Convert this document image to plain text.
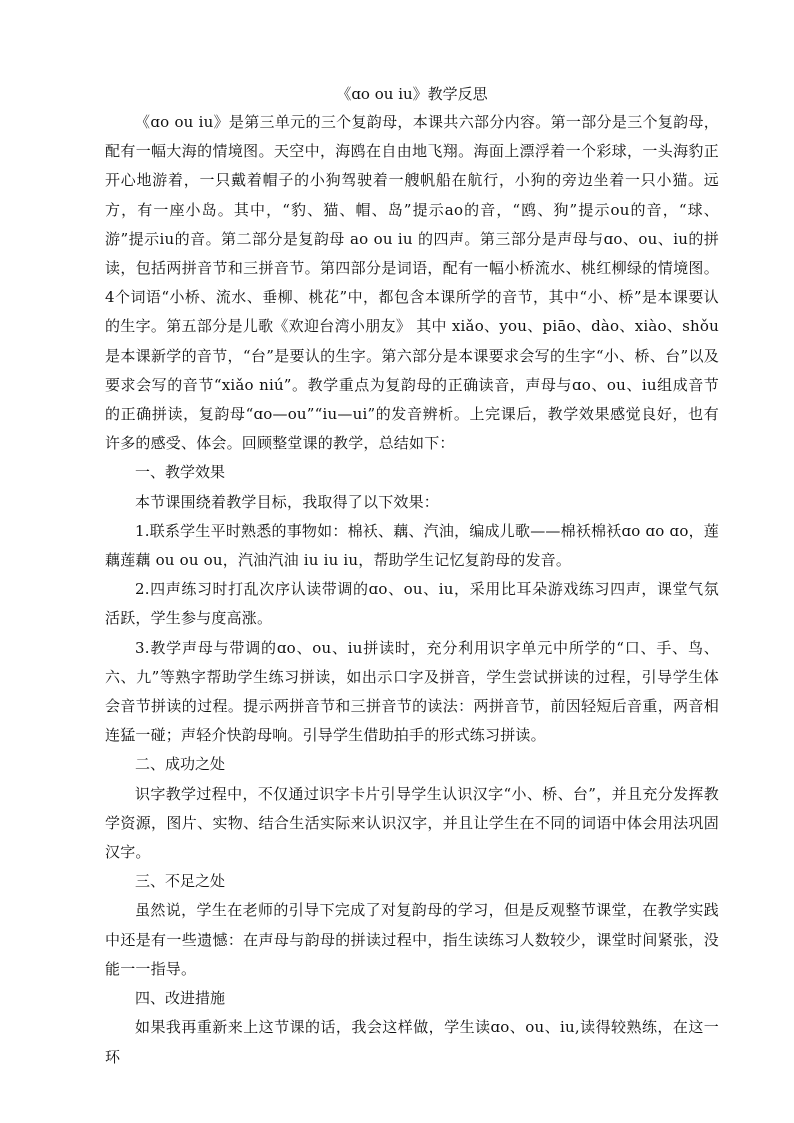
《ɑo ou iu》教学反思

《ɑo ou iu》是第三单元的三个复韵母，本课共六部分内容。第一部分是三个复韵母，配有一幅大海的情境图。天空中，海鸥在自由地飞翔。海面上漂浮着一个彩球，一头海豹正开心地游着，一只戴着帽子的小狗驾驶着一艘帆船在航行，小狗的旁边坐着一只小猫。远方，有一座小岛。其中，“豹、猫、帽、岛”提示ao的音，“鸥、狗”提示ou的音，“球、游”提示iu的音。第二部分是复韵母 ao ou iu 的四声。第三部分是声母与ɑo、ou、iu的拼读，包括两拼音节和三拼音节。第四部分是词语，配有一幅小桥流水、桃红柳绿的情境图。4个词语“小桥、流水、垂柳、桃花”中，都包含本课所学的音节，其中“小、桥”是本课要认的生字。第五部分是儿歌《欢迎台湾小朋友》 其中 xiǎo、you、piāo、dào、xiào、shǒu是本课新学的音节，“台”是要认的生字。第六部分是本课要求会写的生字“小、桥、台”以及要求会写的音节“xiǎo niú”。教学重点为复韵母的正确读音，声母与ɑo、ou、iu组成音节的正确拼读，复韵母“ɑo—ou”“iu—ui”的发音辨析。上完课后，教学效果感觉良好，也有许多的感受、体会。回顾整堂课的教学，总结如下：

一、教学效果

本节课围绕着教学目标，我取得了以下效果：

1.联系学生平时熟悉的事物如：棉袄、藕、汽油，编成儿歌——棉袄棉袄ɑo ɑo ɑo，莲藕莲藕 ou ou ou，汽油汽油 iu iu iu，帮助学生记忆复韵母的发音。

2.四声练习时打乱次序认读带调的ɑo、ou、iu，采用比耳朵游戏练习四声，课堂气氛活跃，学生参与度高涨。

3.教学声母与带调的ɑo、ou、iu拼读时，充分利用识字单元中所学的“口、手、鸟、六、九”等熟字帮助学生练习拼读，如出示口字及拼音，学生尝试拼读的过程，引导学生体会音节拼读的过程。提示两拼音节和三拼音节的读法：两拼音节，前因轻短后音重，两音相连猛一碰；声轻介快韵母响。引导学生借助拍手的形式练习拼读。

二、成功之处

识字教学过程中，不仅通过识字卡片引导学生认识汉字“小、桥、台”，并且充分发挥教学资源，图片、实物、结合生活实际来认识汉字，并且让学生在不同的词语中体会用法巩固汉字。

三、不足之处

虽然说，学生在老师的引导下完成了对复韵母的学习，但是反观整节课堂，在教学实践中还是有一些遗憾：在声母与韵母的拼读过程中，指生读练习人数较少，课堂时间紧张，没能一一指导。

四、改进措施

如果我再重新来上这节课的话，我会这样做，学生读ɑo、ou、iu,读得较熟练，在这一环
